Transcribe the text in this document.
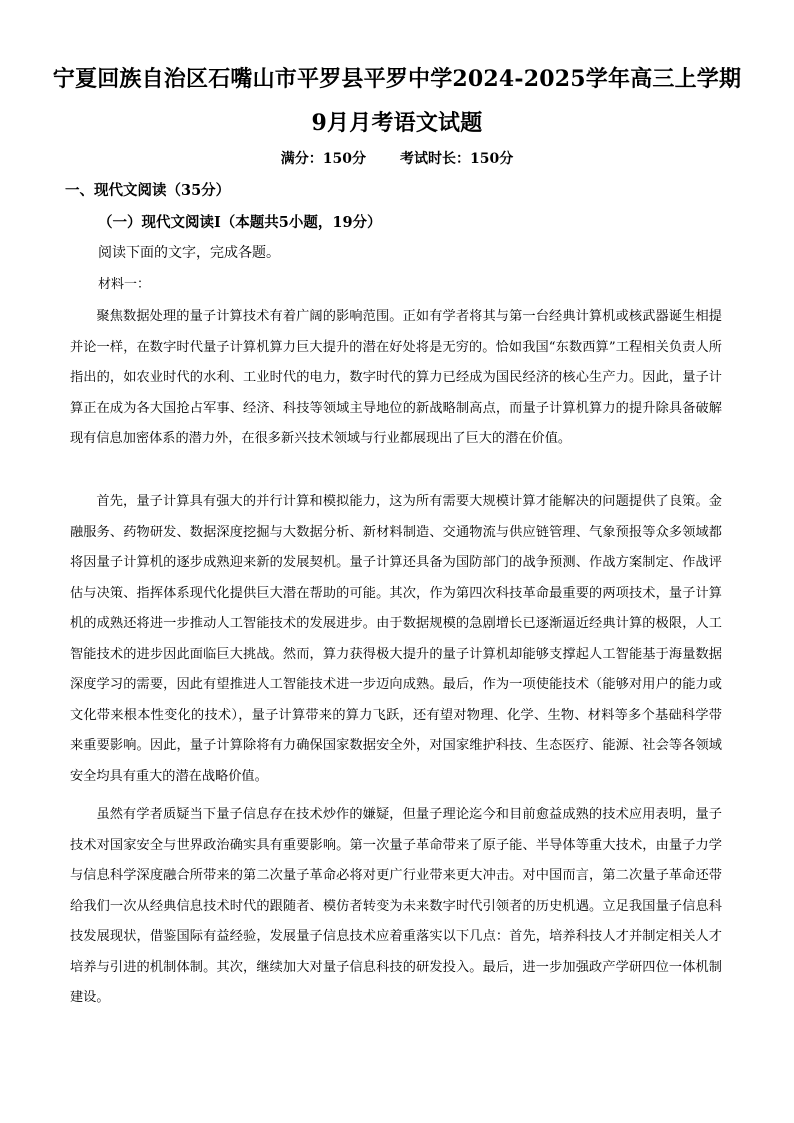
宁夏回族自治区石嘴山市平罗县平罗中学2024-2025学年高三上学期
9月月考语文试题
满分：150分 考试时长：150分
一、现代文阅读（35分）
（一）现代文阅读I（本题共5小题，19分）
阅读下面的文字，完成各题。
材料一：
聚焦数据处理的量子计算技术有着广阔的影响范围。正如有学者将其与第一台经典计算机或核武器诞生相提并论一样，在数字时代量子计算机算力巨大提升的潜在好处将是无穷的。恰如我国“东数西算”工程相关负责人所指出的，如农业时代的水利、工业时代的电力，数字时代的算力已经成为国民经济的核心生产力。因此，量子计算正在成为各大国抢占军事、经济、科技等领域主导地位的新战略制高点，而量子计算机算力的提升除具备破解现有信息加密体系的潜力外，在很多新兴技术领域与行业都展现出了巨大的潜在价值。
首先，量子计算具有强大的并行计算和模拟能力，这为所有需要大规模计算才能解决的问题提供了良策。金融服务、药物研发、数据深度挖掘与大数据分析、新材料制造、交通物流与供应链管理、气象预报等众多领域都将因量子计算机的逐步成熟迎来新的发展契机。量子计算还具备为国防部门的战争预测、作战方案制定、作战评估与决策、指挥体系现代化提供巨大潜在帮助的可能。其次，作为第四次科技革命最重要的两项技术，量子计算机的成熟还将进一步推动人工智能技术的发展进步。由于数据规模的急剧增长已逐渐逼近经典计算的极限，人工智能技术的进步因此面临巨大挑战。然而，算力获得极大提升的量子计算机却能够支撑起人工智能基于海量数据深度学习的需要，因此有望推进人工智能技术进一步迈向成熟。最后，作为一项使能技术（能够对用户的能力或文化带来根本性变化的技术），量子计算带来的算力飞跃，还有望对物理、化学、生物、材料等多个基础科学带来重要影响。因此，量子计算除将有力确保国家数据安全外，对国家维护科技、生态医疗、能源、社会等各领域安全均具有重大的潜在战略价值。
虽然有学者质疑当下量子信息存在技术炒作的嫌疑，但量子理论迄今和目前愈益成熟的技术应用表明，量子技术对国家安全与世界政治确实具有重要影响。第一次量子革命带来了原子能、半导体等重大技术，由量子力学与信息科学深度融合所带来的第二次量子革命必将对更广行业带来更大冲击。对中国而言，第二次量子革命还带给我们一次从经典信息技术时代的跟随者、模仿者转变为未来数字时代引领者的历史机遇。立足我国量子信息科技发展现状，借鉴国际有益经验，发展量子信息技术应着重落实以下几点：首先，培养科技人才并制定相关人才培养与引进的机制体制。其次，继续加大对量子信息科技的研发投入。最后，进一步加强政产学研四位一体机制建设。
